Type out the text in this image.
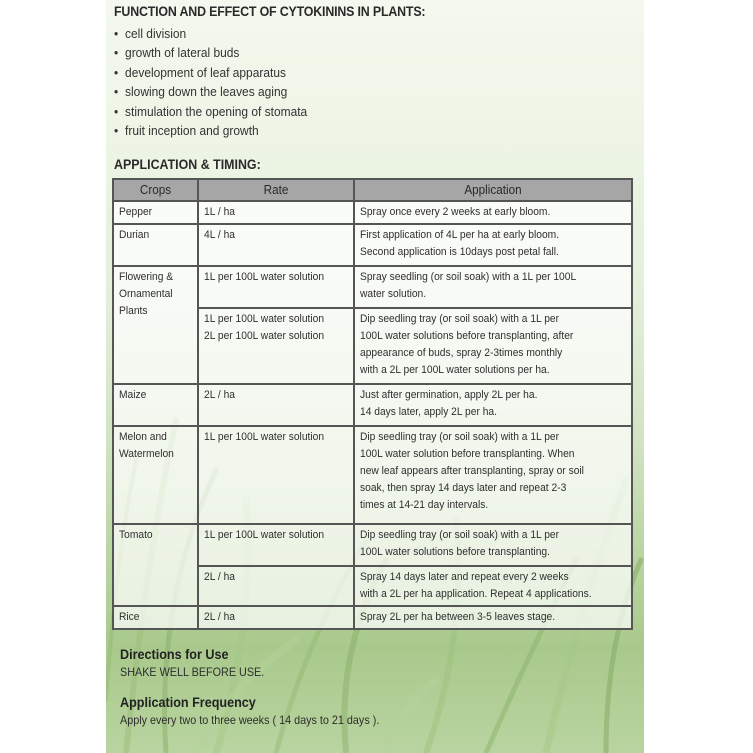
FUNCTION AND EFFECT OF CYTOKININS IN PLANTS:
• cell division
• growth of lateral buds
• development of leaf apparatus
• slowing down the leaves aging
• stimulation the opening of stomata
• fruit inception and growth
APPLICATION & TIMING:
Crops	Rate	Application

Pepper	1L / ha	Spray once every 2 weeks at early bloom.

Durian	4L / ha	First application of 4L per ha at early bloom.
Second application is 10days post petal fall.

Flowering &
Ornamental
Plants	1L per 100L water solution	Spray seedling (or soil soak) with a 1L per 100L
water solution.

	1L per 100L water solution
2L per 100L water solution	Dip seedling tray (or soil soak) with a 1L per
100L water solutions before transplanting, after
appearance of buds, spray 2-3times monthly
with a 2L per 100L water solutions per ha.

Maize	2L / ha	Just after germination, apply 2L per ha.
14 days later, apply 2L per ha.

Melon and
Watermelon	1L per 100L water solution	Dip seedling tray (or soil soak) with a 1L per
100L water solution before transplanting. When
new leaf appears after transplanting, spray or soil
soak, then spray 14 days later and repeat 2-3
times at 14-21 day intervals.

Tomato	1L per 100L water solution	Dip seedling tray (or soil soak) with a 1L per
100L water solutions before transplanting.

	2L / ha	Spray 14 days later and repeat every 2 weeks
with a 2L per ha application. Repeat 4 applications.

Rice	2L / ha	Spray 2L per ha between 3-5 leaves stage.
Directions for Use
SHAKE WELL BEFORE USE.
Application Frequency
Apply every two to three weeks ( 14 days to 21 days ).
